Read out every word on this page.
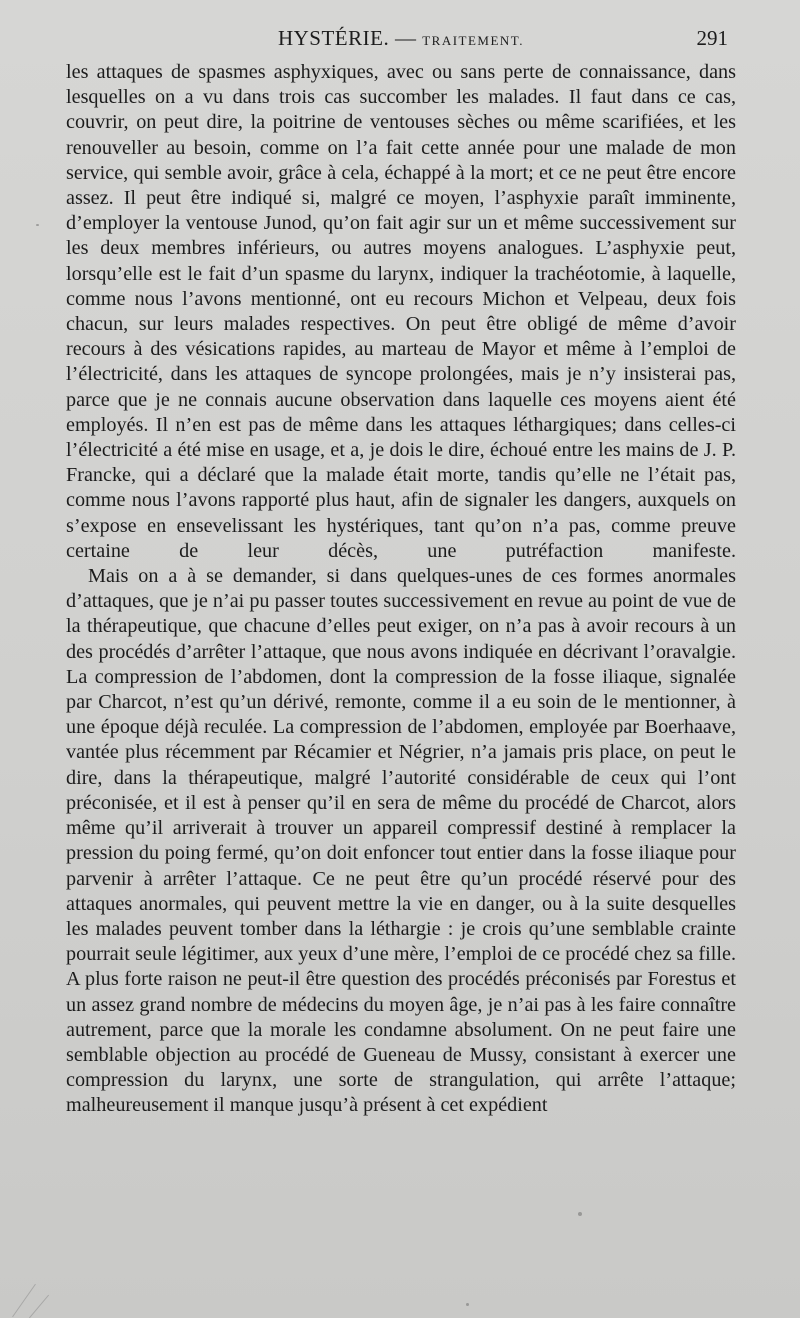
HYSTÉRIE. — TRAITEMENT.	291

les attaques de spasmes asphyxiques, avec ou sans perte de connaissance, dans lesquelles on a vu dans trois cas succomber les malades. Il faut dans ce cas, couvrir, on peut dire, la poitrine de ventouses sèches ou même scarifiées, et les renouveller au besoin, comme on l’a fait cette année pour une malade de mon service, qui semble avoir, grâce à cela, échappé à la mort; et ce ne peut être encore assez. Il peut être indiqué si, malgré ce moyen, l’asphyxie paraît imminente, d’employer la ventouse Junod, qu’on fait agir sur un et même successivement sur les deux membres inférieurs, ou autres moyens analogues. L’asphyxie peut, lorsqu’elle est le fait d’un spasme du larynx, indiquer la trachéotomie, à laquelle, comme nous l’avons mentionné, ont eu recours Michon et Velpeau, deux fois chacun, sur leurs malades respectives. On peut être obligé de même d’avoir recours à des vésications rapides, au marteau de Mayor et même à l’emploi de l’électricité, dans les attaques de syncope prolongées, mais je n’y insisterai pas, parce que je ne connais aucune observation dans laquelle ces moyens aient été employés. Il n’en est pas de même dans les attaques léthargiques; dans celles-ci l’électricité a été mise en usage, et a, je dois le dire, échoué entre les mains de J. P. Francke, qui a déclaré que la malade était morte, tandis qu’elle ne l’était pas, comme nous l’avons rapporté plus haut, afin de signaler les dangers, auxquels on s’expose en ensevelissant les hystériques, tant qu’on n’a pas, comme preuve certaine de leur décès, une putréfaction manifeste.

Mais on a à se demander, si dans quelques-unes de ces formes anormales d’attaques, que je n’ai pu passer toutes successivement en revue au point de vue de la thérapeutique, que chacune d’elles peut exiger, on n’a pas à avoir recours à un des procédés d’arrêter l’attaque, que nous avons indiquée en décrivant l’oravalgie. La compression de l’abdomen, dont la compression de la fosse iliaque, signalée par Charcot, n’est qu’un dérivé, remonte, comme il a eu soin de le mentionner, à une époque déjà reculée. La compression de l’abdomen, employée par Boerhaave, vantée plus récemment par Récamier et Négrier, n’a jamais pris place, on peut le dire, dans la thérapeutique, malgré l’autorité considérable de ceux qui l’ont préconisée, et il est à penser qu’il en sera de même du procédé de Charcot, alors même qu’il arriverait à trouver un appareil compressif destiné à remplacer la pression du poing fermé, qu’on doit enfoncer tout entier dans la fosse iliaque pour parvenir à arrêter l’attaque. Ce ne peut être qu’un procédé réservé pour des attaques anormales, qui peuvent mettre la vie en danger, ou à la suite desquelles les malades peuvent tomber dans la léthargie : je crois qu’une semblable crainte pourrait seule légitimer, aux yeux d’une mère, l’emploi de ce procédé chez sa fille. A plus forte raison ne peut-il être question des procédés préconisés par Forestus et un assez grand nombre de médecins du moyen âge, je n’ai pas à les faire connaître autrement, parce que la morale les condamne absolument. On ne peut faire une semblable objection au procédé de Gueneau de Mussy, consistant à exercer une compression du larynx, une sorte de strangulation, qui arrête l’attaque; malheureusement il manque jusqu’à présent à cet expédient
